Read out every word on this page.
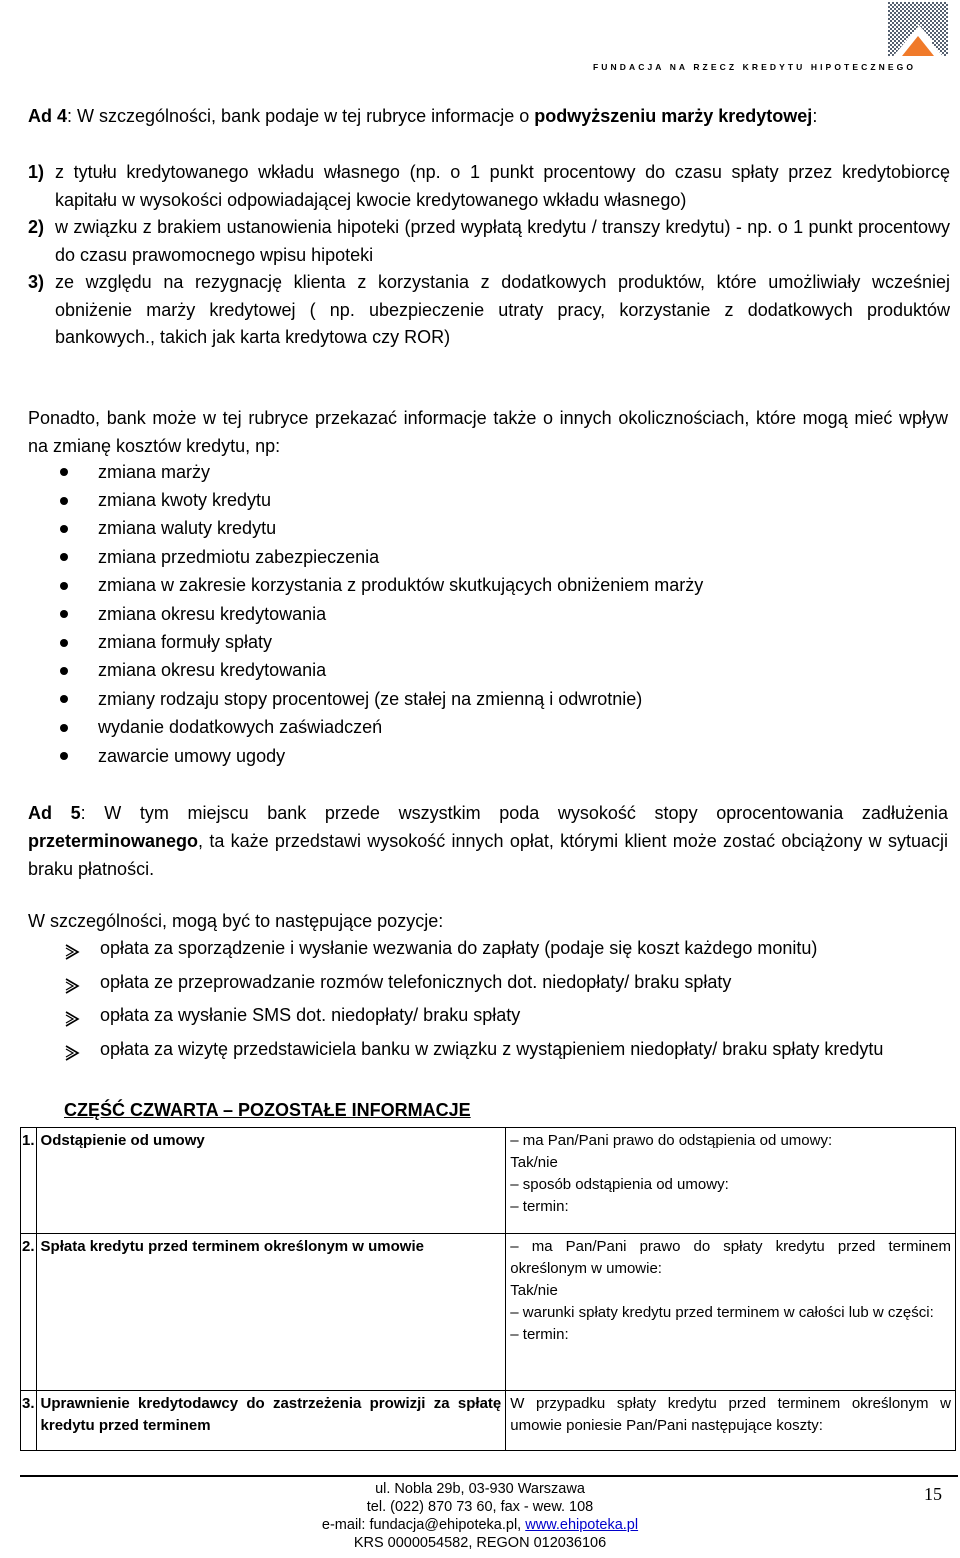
FUNDACJA NA RZECZ KREDYTU HIPOTECZNEGO
Ad 4: W szczególności, bank podaje w tej rubryce informacje o podwyższeniu marży kredytowej:
1) z tytułu kredytowanego wkładu własnego (np. o 1 punkt procentowy do czasu spłaty przez kredytobiorcę kapitału w wysokości odpowiadającej kwocie kredytowanego wkładu własnego)
2) w związku z brakiem ustanowienia hipoteki (przed wypłatą kredytu / transzy kredytu) - np. o 1 punkt procentowy do czasu prawomocnego wpisu hipoteki
3) ze względu na rezygnację klienta z korzystania z dodatkowych produktów, które umożliwiały wcześniej obniżenie marży kredytowej ( np. ubezpieczenie utraty pracy, korzystanie z dodatkowych produktów bankowych., takich jak karta kredytowa czy ROR)
Ponadto, bank może w tej rubryce przekazać informacje także o innych okolicznościach, które mogą mieć wpływ na zmianę kosztów kredytu, np:
zmiana marży
zmiana kwoty kredytu
zmiana waluty kredytu
zmiana przedmiotu zabezpieczenia
zmiana w zakresie korzystania z produktów skutkujących obniżeniem marży
zmiana okresu kredytowania
zmiana formuły spłaty
zmiana okresu kredytowania
zmiany rodzaju stopy procentowej (ze stałej na zmienną i odwrotnie)
wydanie dodatkowych zaświadczeń
zawarcie umowy ugody
Ad 5: W tym miejscu bank przede wszystkim poda wysokość stopy oprocentowania zadłużenia przeterminowanego, ta każe przedstawi wysokość innych opłat, którymi klient może zostać obciążony w sytuacji braku płatności.
W szczególności, mogą być to następujące pozycje:
opłata za sporządzenie i wysłanie wezwania do zapłaty (podaje się koszt każdego monitu)
opłata ze przeprowadzanie rozmów telefonicznych dot. niedopłaty/ braku spłaty
opłata za wysłanie SMS dot. niedopłaty/ braku spłaty
opłata za wizytę przedstawiciela banku w związku z wystąpieniem niedopłaty/ braku spłaty kredytu
CZĘŚĆ CZWARTA – POZOSTAŁE INFORMACJE
1.	Odstąpienie od umowy	– ma Pan/Pani prawo do odstąpienia od umowy:
Tak/nie
– sposób odstąpienia od umowy:
– termin:

2.	Spłata kredytu przed terminem określonym w umowie	– ma Pan/Pani prawo do spłaty kredytu przed terminem określonym w umowie:
Tak/nie
– warunki spłaty kredytu przed terminem w całości lub w części:
– termin:

3.	Uprawnienie kredytodawcy do zastrzeżenia prowizji za spłatę kredytu przed terminem	W przypadku spłaty kredytu przed terminem określonym w umowie poniesie Pan/Pani następujące koszty:
ul. Nobla 29b, 03-930 Warszawa
tel. (022) 870 73 60, fax - wew. 108
e-mail: fundacja@ehipoteka.pl, www.ehipoteka.pl
KRS 0000054582, REGON 012036106
15
